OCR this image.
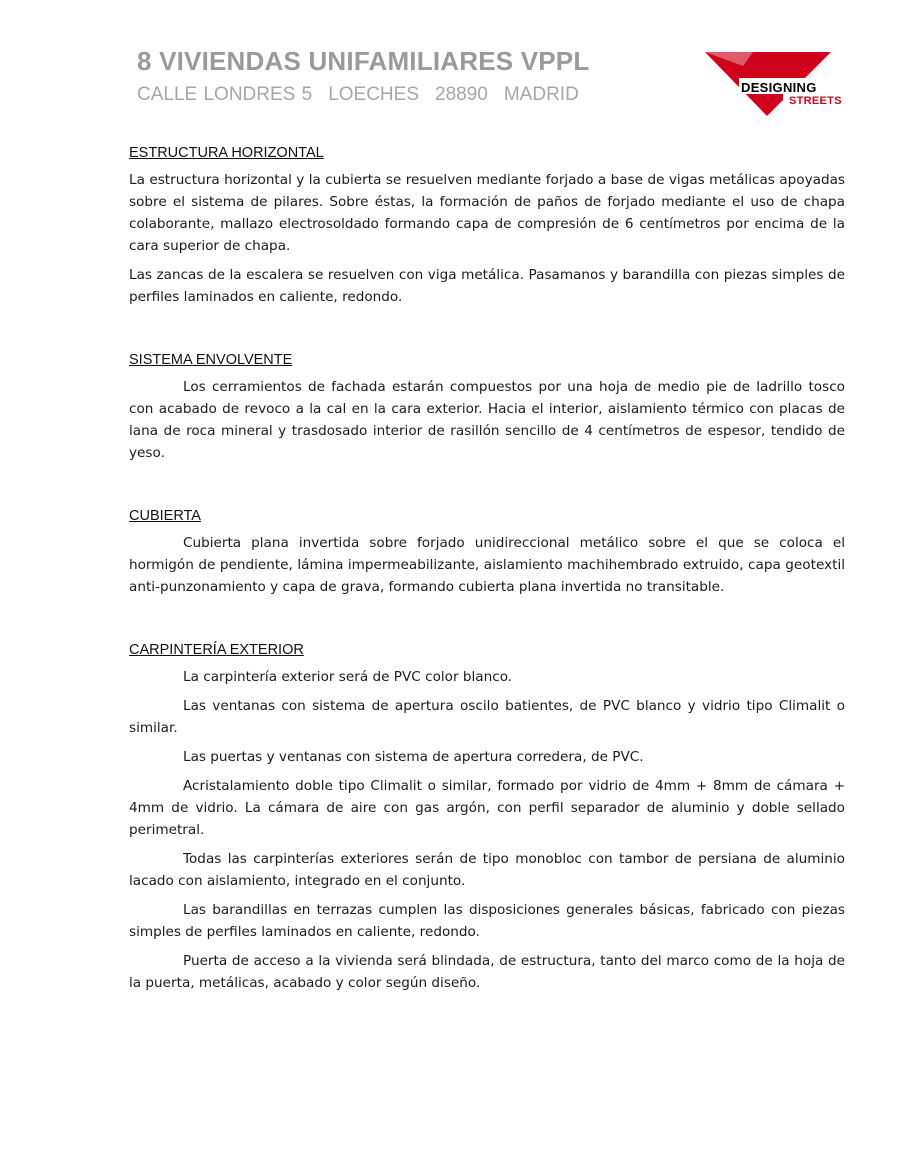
8 VIVIENDAS UNIFAMILIARES VPPL
CALLE LONDRES 5 LOECHES 28890 MADRID	DESIGNING
STREETS
ESTRUCTURA HORIZONTAL

La estructura horizontal y la cubierta se resuelven mediante forjado a base de vigas metálicas apoyadas sobre el sistema de pilares. Sobre éstas, la formación de paños de forjado mediante el uso de chapa colaborante, mallazo electrosoldado formando capa de compresión de 6 centímetros por encima de la cara superior de chapa.

Las zancas de la escalera se resuelven con viga metálica. Pasamanos y barandilla con piezas simples de perfiles laminados en caliente, redondo.

SISTEMA ENVOLVENTE

Los cerramientos de fachada estarán compuestos por una hoja de medio pie de ladrillo tosco con acabado de revoco a la cal en la cara exterior. Hacia el interior, aislamiento térmico con placas de lana de roca mineral y trasdosado interior de rasillón sencillo de 4 centímetros de espesor, tendido de yeso.

CUBIERTA

Cubierta plana invertida sobre forjado unidireccional metálico sobre el que se coloca el hormigón de pendiente, lámina impermeabilizante, aislamiento machihembrado extruido, capa geotextil anti-punzonamiento y capa de grava, formando cubierta plana invertida no transitable.

CARPINTERÍA EXTERIOR

La carpintería exterior será de PVC color blanco.

Las ventanas con sistema de apertura oscilo batientes, de PVC blanco y vidrio tipo Climalit o similar.

Las puertas y ventanas con sistema de apertura corredera, de PVC.

Acristalamiento doble tipo Climalit o similar, formado por vidrio de 4mm + 8mm de cámara + 4mm de vidrio. La cámara de aire con gas argón, con perfil separador de aluminio y doble sellado perimetral.

Todas las carpinterías exteriores serán de tipo monobloc con tambor de persiana de aluminio lacado con aislamiento, integrado en el conjunto.

Las barandillas en terrazas cumplen las disposiciones generales básicas, fabricado con piezas simples de perfiles laminados en caliente, redondo.

Puerta de acceso a la vivienda será blindada, de estructura, tanto del marco como de la hoja de la puerta, metálicas, acabado y color según diseño.
